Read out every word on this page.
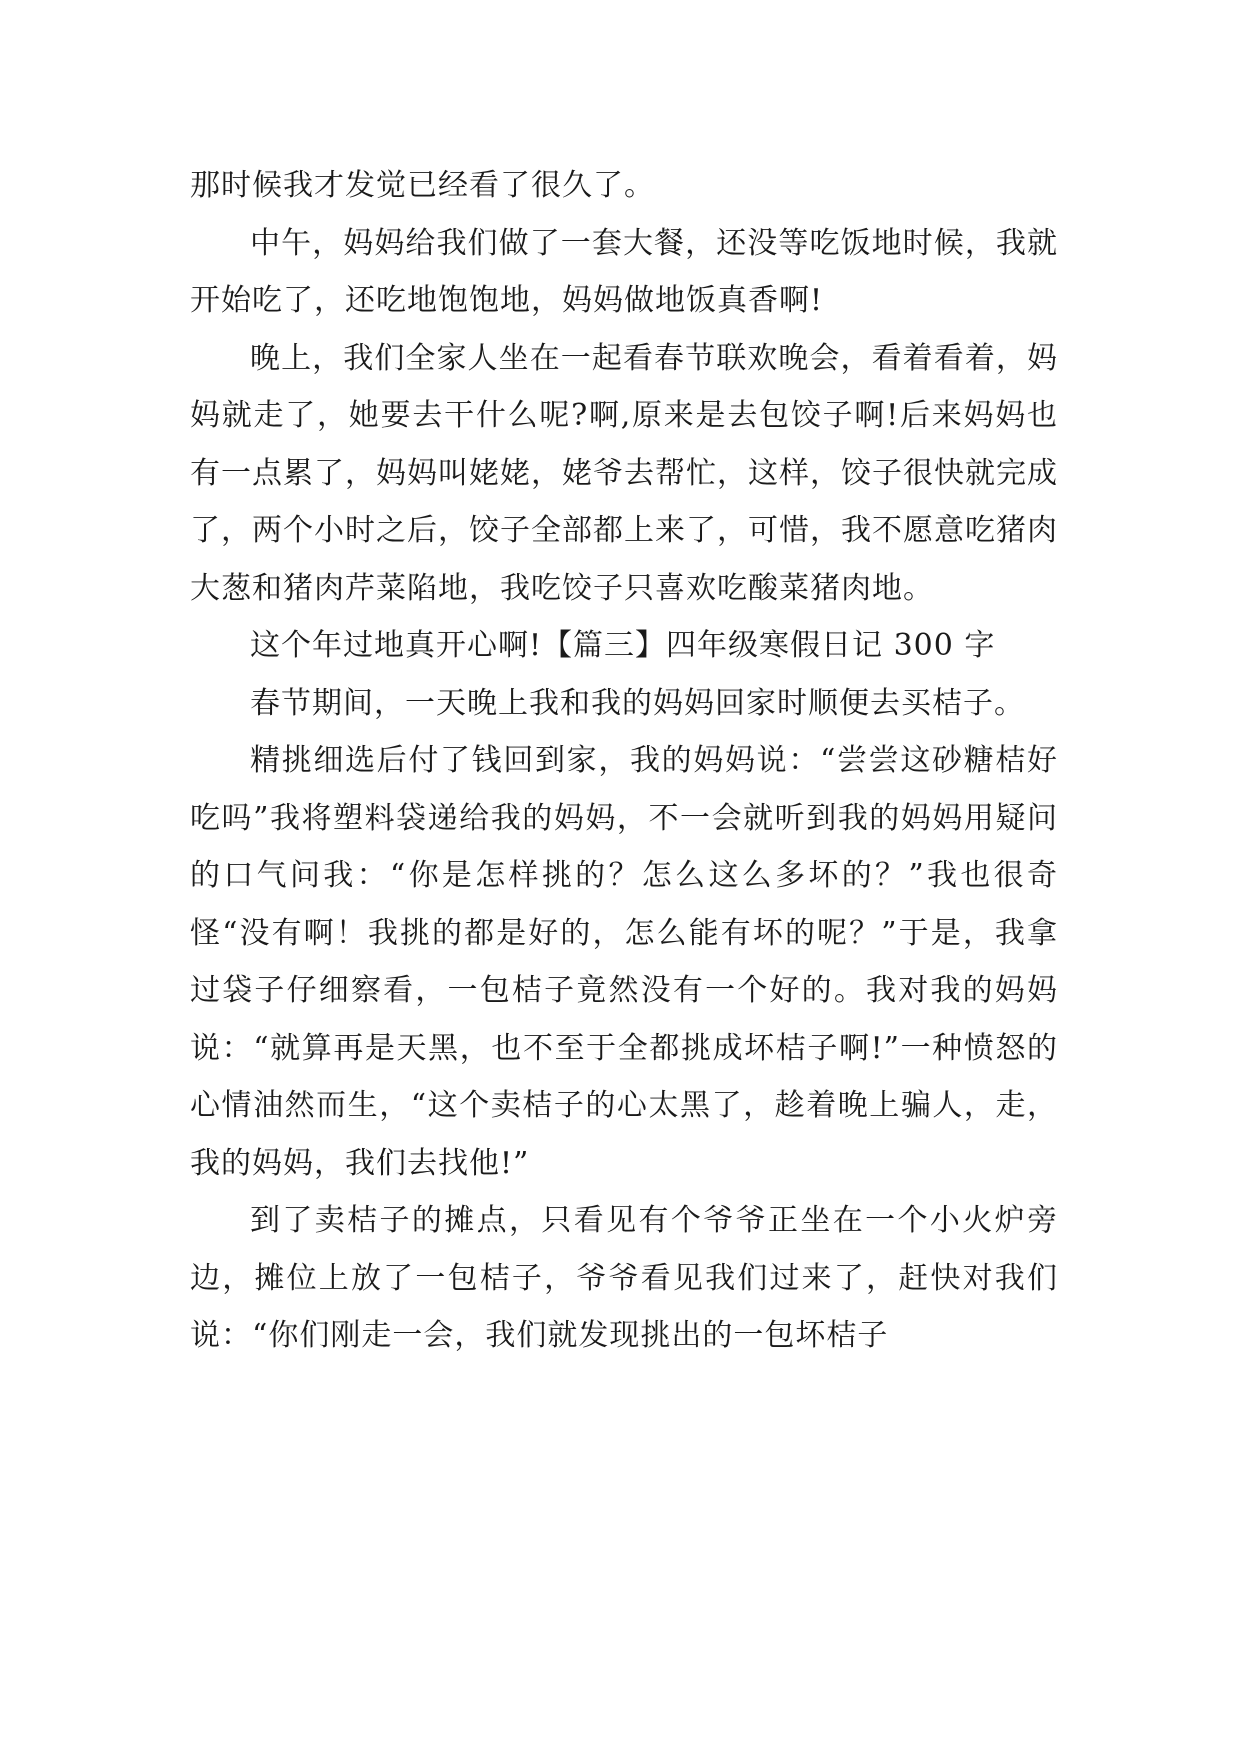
那时候我才发觉已经看了很久了。

中午，妈妈给我们做了一套大餐，还没等吃饭地时候，我就开始吃了，还吃地饱饱地，妈妈做地饭真香啊!

晚上，我们全家人坐在一起看春节联欢晚会，看着看着，妈妈就走了，她要去干什么呢?啊,原来是去包饺子啊!后来妈妈也有一点累了，妈妈叫姥姥，姥爷去帮忙，这样，饺子很快就完成了，两个小时之后，饺子全部都上来了，可惜，我不愿意吃猪肉大葱和猪肉芹菜陷地，我吃饺子只喜欢吃酸菜猪肉地。

这个年过地真开心啊!【篇三】四年级寒假日记 300 字

春节期间，一天晚上我和我的妈妈回家时顺便去买桔子。

精挑细选后付了钱回到家，我的妈妈说：“尝尝这砂糖桔好吃吗”我将塑料袋递给我的妈妈，不一会就听到我的妈妈用疑问的口气问我：“你是怎样挑的？怎么这么多坏的？”我也很奇怪“没有啊！我挑的都是好的，怎么能有坏的呢？”于是，我拿过袋子仔细察看，一包桔子竟然没有一个好的。我对我的妈妈说：“就算再是天黑，也不至于全都挑成坏桔子啊!”一种愤怒的心情油然而生，“这个卖桔子的心太黑了，趁着晚上骗人，走，我的妈妈，我们去找他!”

到了卖桔子的摊点，只看见有个爷爷正坐在一个小火炉旁边，摊位上放了一包桔子，爷爷看见我们过来了，赶快对我们说：“你们刚走一会，我们就发现挑出的一包坏桔子
